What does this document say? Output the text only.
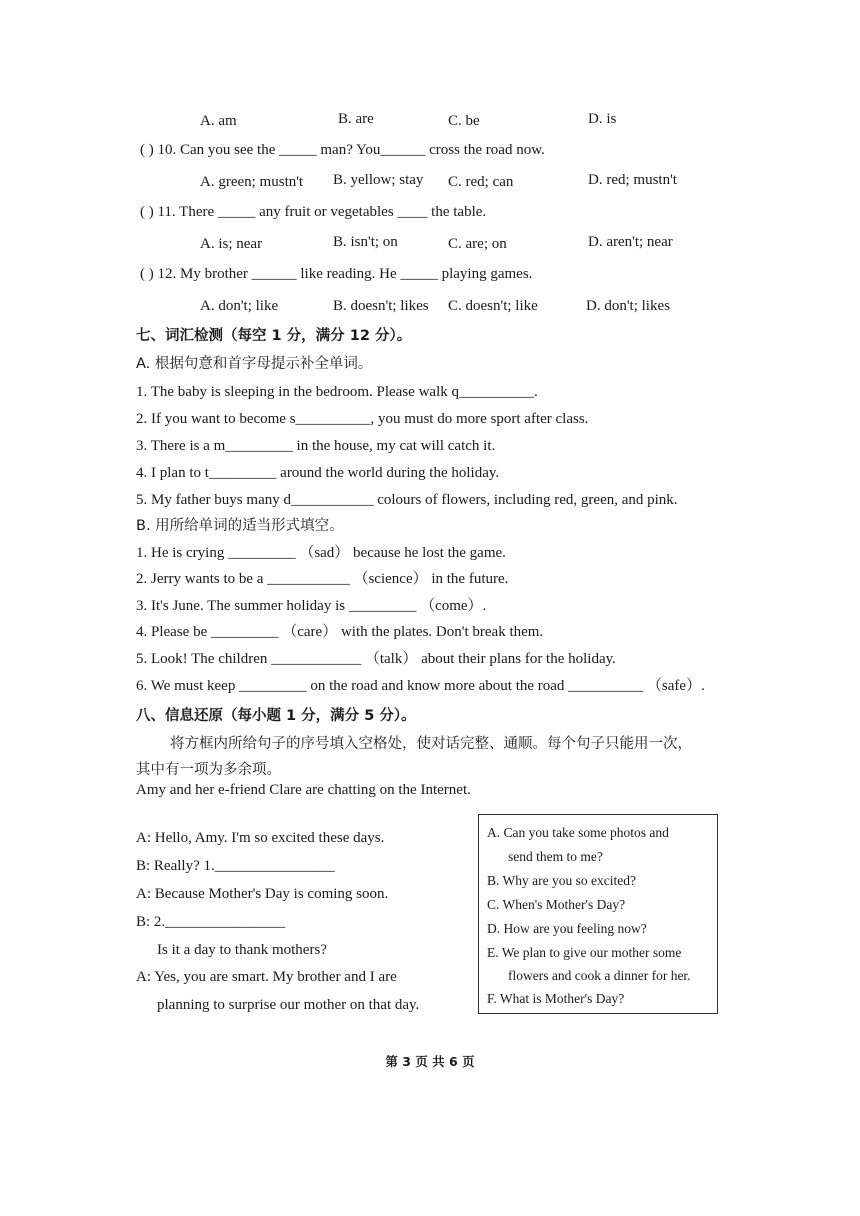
A. am	B. are	C. be	D. is
( ) 10. Can you see the _____ man? You______ cross the road now.
A. green; mustn't B. yellow; stay C. red; can	D. red; mustn't
( ) 11. There _____ any fruit or vegetables ____ the table.
A. is; near	B. isn't; on	C. are; on	D. aren't; near
( ) 12. My brother ______ like reading. He _____ playing games.
A. don't; like	B. doesn't; likes C. doesn't; like	D. don't; likes
七、词汇检测（每空 1 分，满分 12 分）。
A. 根据句意和首字母提示补全单词。
1. The baby is sleeping in the bedroom. Please walk q__________.
2. If you want to become s__________, you must do more sport after class.
3. There is a m_________ in the house, my cat will catch it.
4. I plan to t_________ around the world during the holiday.
5. My father buys many d___________ colours of flowers, including red, green, and pink.
B. 用所给单词的适当形式填空。
1. He is crying _________ （sad） because he lost the game.
2. Jerry wants to be a ___________ （science） in the future.
3. It's June. The summer holiday is _________ （come）.
4. Please be _________ （care） with the plates. Don't break them.
5. Look! The children ____________ （talk） about their plans for the holiday.
6. We must keep _________ on the road and know more about the road __________ （safe）.
八、信息还原（每小题 1 分，满分 5 分）。
将方框内所给句子的序号填入空格处，使对话完整、通顺。每个句子只能用一次，
其中有一项为多余项。
Amy and her e-friend Clare are chatting on the Internet.
A: Hello, Amy. I'm so excited these days.
B: Really? 1.________________
A: Because Mother's Day is coming soon.
B: 2.________________
Is it a day to thank mothers?
A: Yes, you are smart. My brother and I are
planning to surprise our mother on that day.
A. Can you take some photos and
send them to me?
B. Why are you so excited?
C. When's Mother's Day?
D. How are you feeling now?
E. We plan to give our mother some
flowers and cook a dinner for her.
F. What is Mother's Day?
第 3 页 共 6 页
